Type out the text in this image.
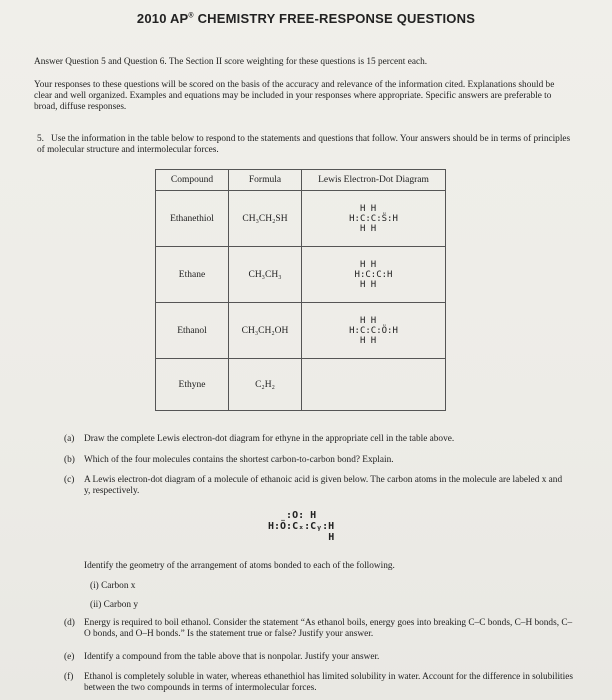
2010 AP® CHEMISTRY FREE-RESPONSE QUESTIONS
Answer Question 5 and Question 6. The Section II score weighting for these questions is 15 percent each.
Your responses to these questions will be scored on the basis of the accuracy and relevance of the information cited. Explanations should be clear and well organized. Examples and equations may be included in your responses where appropriate. Specific answers are preferable to broad, diffuse responses.
5. Use the information in the table below to respond to the statements and questions that follow. Your answers should be in terms of principles of molecular structure and intermolecular forces.
Compound	Formula	Lewis Electron-Dot Diagram
Ethanethiol	CH₃CH₂SH	H H
H:C:C:S̈:H
H H

Ethane	CH₃CH₃	H H
H:C:C:H
H H

Ethanol	CH₃CH₂OH	H H
H:C:C:Ö:H
H H

Ethyne	C₂H₂	
(a) Draw the complete Lewis electron-dot diagram for ethyne in the appropriate cell in the table above.
(b) Which of the four molecules contains the shortest carbon-to-carbon bond? Explain.
(c)	A Lewis electron-dot diagram of a molecule of ethanoic acid is given below. The carbon atoms in the molecule are labeled x and y, respectively.
:O: H
H:Ö:Cₓ:Cᵧ:H
H
Identify the geometry of the arrangement of atoms bonded to each of the following.
(i) Carbon x
(ii) Carbon y
(d) Energy is required to boil ethanol. Consider the statement “As ethanol boils, energy goes into breaking C–C bonds, C–H bonds, C–O bonds, and O–H bonds.” Is the statement true or false? Justify your answer.
(e) Identify a compound from the table above that is nonpolar. Justify your answer.
(f)	Ethanol is completely soluble in water, whereas ethanethiol has limited solubility in water. Account for the difference in solubilities between the two compounds in terms of intermolecular forces.
